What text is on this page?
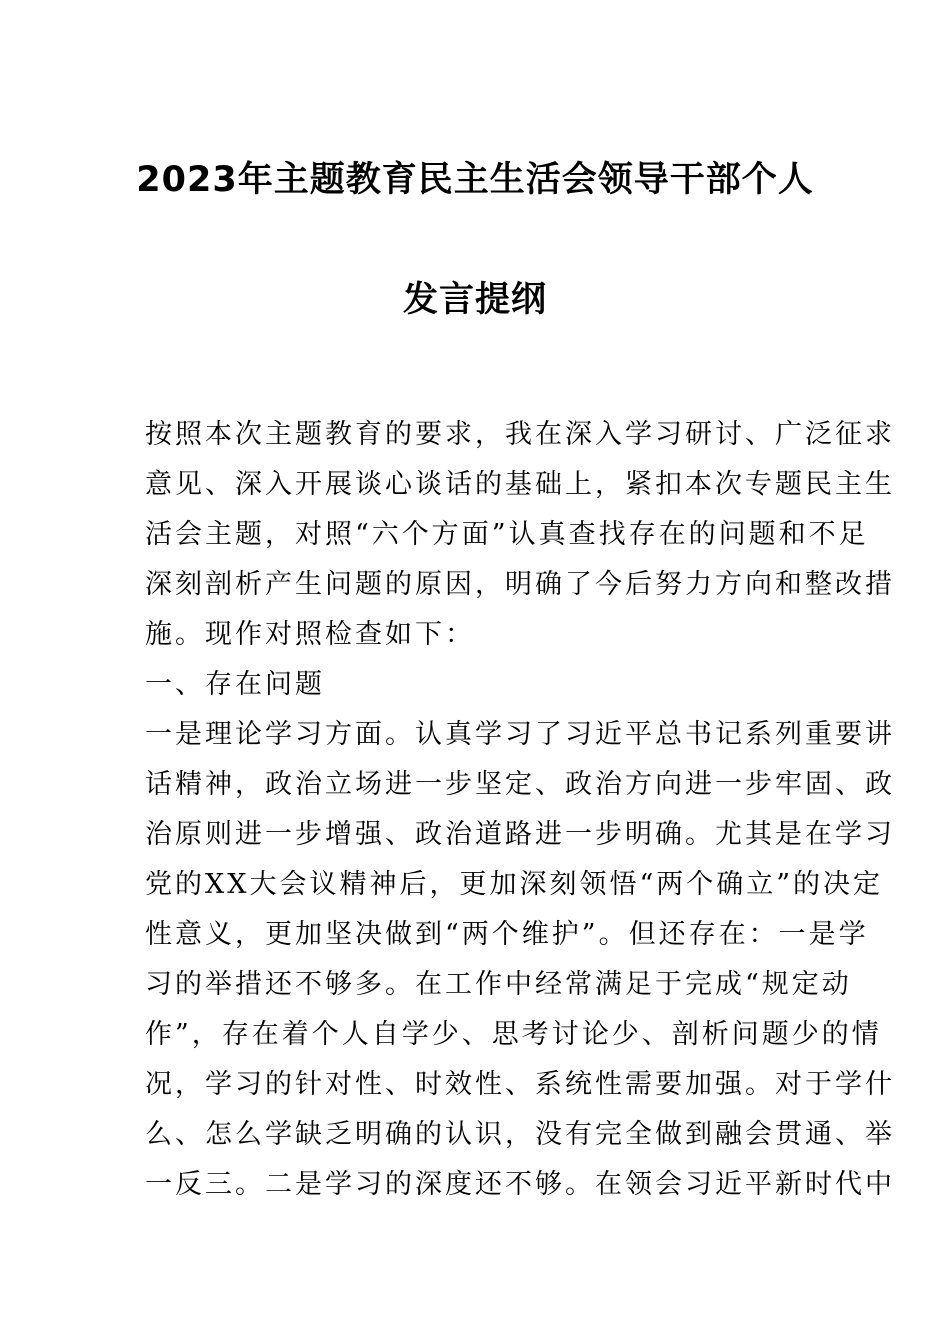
2023年主题教育民主生活会领导干部个人
发言提纲
按照本次主题教育的要求，我在深入学习研讨、广泛征求
意见、深入开展谈心谈话的基础上，紧扣本次专题民主生
活会主题，对照“六个方面”认真查找存在的问题和不足
深刻剖析产生问题的原因，明确了今后努力方向和整改措
施。现作对照检查如下：
一、存在问题
一是理论学习方面。认真学习了习近平总书记系列重要讲
话精神，政治立场进一步坚定、政治方向进一步牢固、政
治原则进一步增强、政治道路进一步明确。尤其是在学习
党的XX大会议精神后，更加深刻领悟“两个确立”的决定
性意义，更加坚决做到“两个维护”。但还存在：一是学
习的举措还不够多。在工作中经常满足于完成“规定动
作”，存在着个人自学少、思考讨论少、剖析问题少的情
况，学习的针对性、时效性、系统性需要加强。对于学什
么、怎么学缺乏明确的认识，没有完全做到融会贯通、举
一反三。二是学习的深度还不够。在领会习近平新时代中
